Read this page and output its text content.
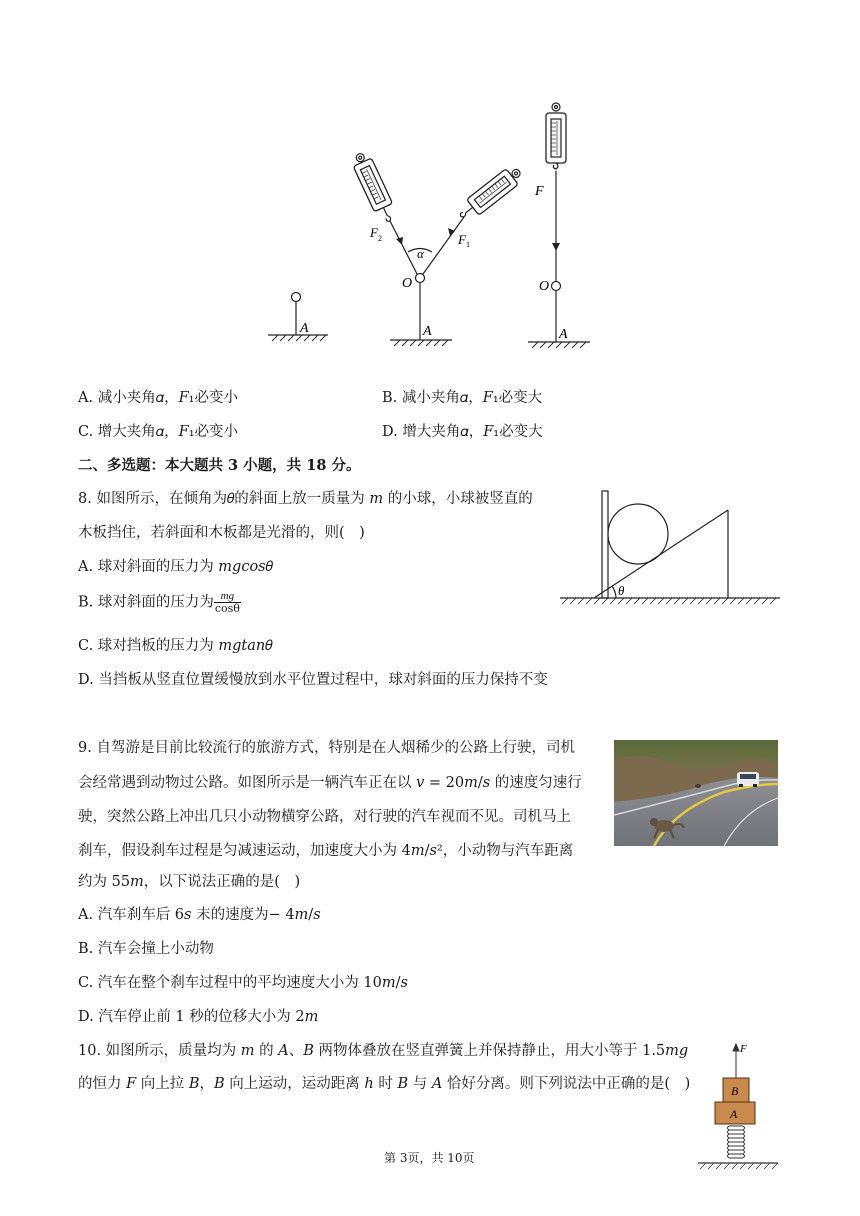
A	A	A
O	O
F 2	F 1
α
F
A. 减小夹角𝛼，𝐹₁必变小	B. 减小夹角𝛼，𝐹₁必变大
C. 增大夹角𝛼，𝐹₁必变小	D. 增大夹角𝛼，𝐹₁必变大
二、多选题：本大题共 3 小题，共 18 分。
8. 如图所示，在倾角为𝜃的斜面上放一质量为 𝑚 的小球，小球被竖直的
木板挡住，若斜面和木板都是光滑的，则(　)
A. 球对斜面的压力为 𝑚𝑔𝑐𝑜𝑠𝜃
B. 球对斜面的压力为 $\frac{mg}{\cos\theta}$
C. 球对挡板的压力为 𝑚𝑔𝑡𝑎𝑛𝜃
D. 当挡板从竖直位置缓慢放到水平位置过程中，球对斜面的压力保持不变
θ
9. 自驾游是目前比较流行的旅游方式，特别是在人烟稀少的公路上行驶，司机
会经常遇到动物过公路。如图所示是一辆汽车正在以 𝑣 = 20𝑚/𝑠 的速度匀速行
驶，突然公路上冲出几只小动物横穿公路，对行驶的汽车视而不见。司机马上
刹车，假设刹车过程是匀减速运动，加速度大小为 4𝑚/𝑠²，小动物与汽车距离
约为 55𝑚，以下说法正确的是(　)
A. 汽车刹车后 6𝑠 末的速度为− 4𝑚/𝑠
B. 汽车会撞上小动物
C. 汽车在整个刹车过程中的平均速度大小为 10𝑚/𝑠
D. 汽车停止前 1 秒的位移大小为 2𝑚
10. 如图所示，质量均为 𝑚 的 𝐴、𝐵 两物体叠放在竖直弹簧上并保持静止，用大小等于 1.5𝑚𝑔
的恒力 𝐹 向上拉 𝐵，𝐵 向上运动，运动距离 ℎ 时 𝐵 与 𝐴 恰好分离。则下列说法中正确的是(　)
F
B
A
第 3页，共 10页
